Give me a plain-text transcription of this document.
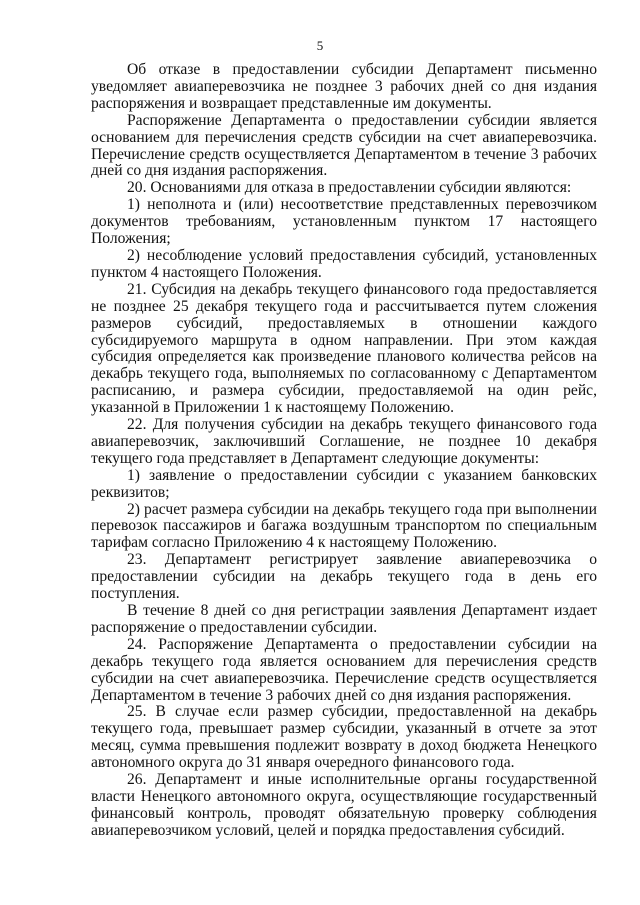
5

Об отказе в предоставлении субсидии Департамент письменно уведомляет авиаперевозчика не позднее 3 рабочих дней со дня издания распоряжения и возвращает представленные им документы.

Распоряжение Департамента о предоставлении субсидии является основанием для перечисления средств субсидии на счет авиаперевозчика. Перечисление средств осуществляется Департаментом в течение 3 рабочих дней со дня издания распоряжения.

20. Основаниями для отказа в предоставлении субсидии являются:

1) неполнота и (или) несоответствие представленных перевозчиком документов требованиям, установленным пунктом 17 настоящего Положения;

2) несоблюдение условий предоставления субсидий, установленных пунктом 4 настоящего Положения.

21. Субсидия на декабрь текущего финансового года предоставляется не позднее 25 декабря текущего года и рассчитывается путем сложения размеров субсидий, предоставляемых в отношении каждого субсидируемого маршрута в одном направлении. При этом каждая субсидия определяется как произведение планового количества рейсов на декабрь текущего года, выполняемых по согласованному с Департаментом расписанию, и размера субсидии, предоставляемой на один рейс, указанной в Приложении 1 к настоящему Положению.

22. Для получения субсидии на декабрь текущего финансового года авиаперевозчик, заключивший Соглашение, не позднее 10 декабря текущего года представляет в Департамент следующие документы:

1) заявление о предоставлении субсидии с указанием банковских реквизитов;

2) расчет размера субсидии на декабрь текущего года при выполнении перевозок пассажиров и багажа воздушным транспортом по специальным тарифам согласно Приложению 4 к настоящему Положению.

23. Департамент регистрирует заявление авиаперевозчика о предоставлении субсидии на декабрь текущего года в день его поступления.

В течение 8 дней со дня регистрации заявления Департамент издает распоряжение о предоставлении субсидии.

24. Распоряжение Департамента о предоставлении субсидии на декабрь текущего года является основанием для перечисления средств субсидии на счет авиаперевозчика. Перечисление средств осуществляется Департаментом в течение 3 рабочих дней со дня издания распоряжения.

25. В случае если размер субсидии, предоставленной на декабрь текущего года, превышает размер субсидии, указанный в отчете за этот месяц, сумма превышения подлежит возврату в доход бюджета Ненецкого автономного округа до 31 января очередного финансового года.

26. Департамент и иные исполнительные органы государственной власти Ненецкого автономного округа, осуществляющие государственный финансовый контроль, проводят обязательную проверку соблюдения авиаперевозчиком условий, целей и порядка предоставления субсидий.
